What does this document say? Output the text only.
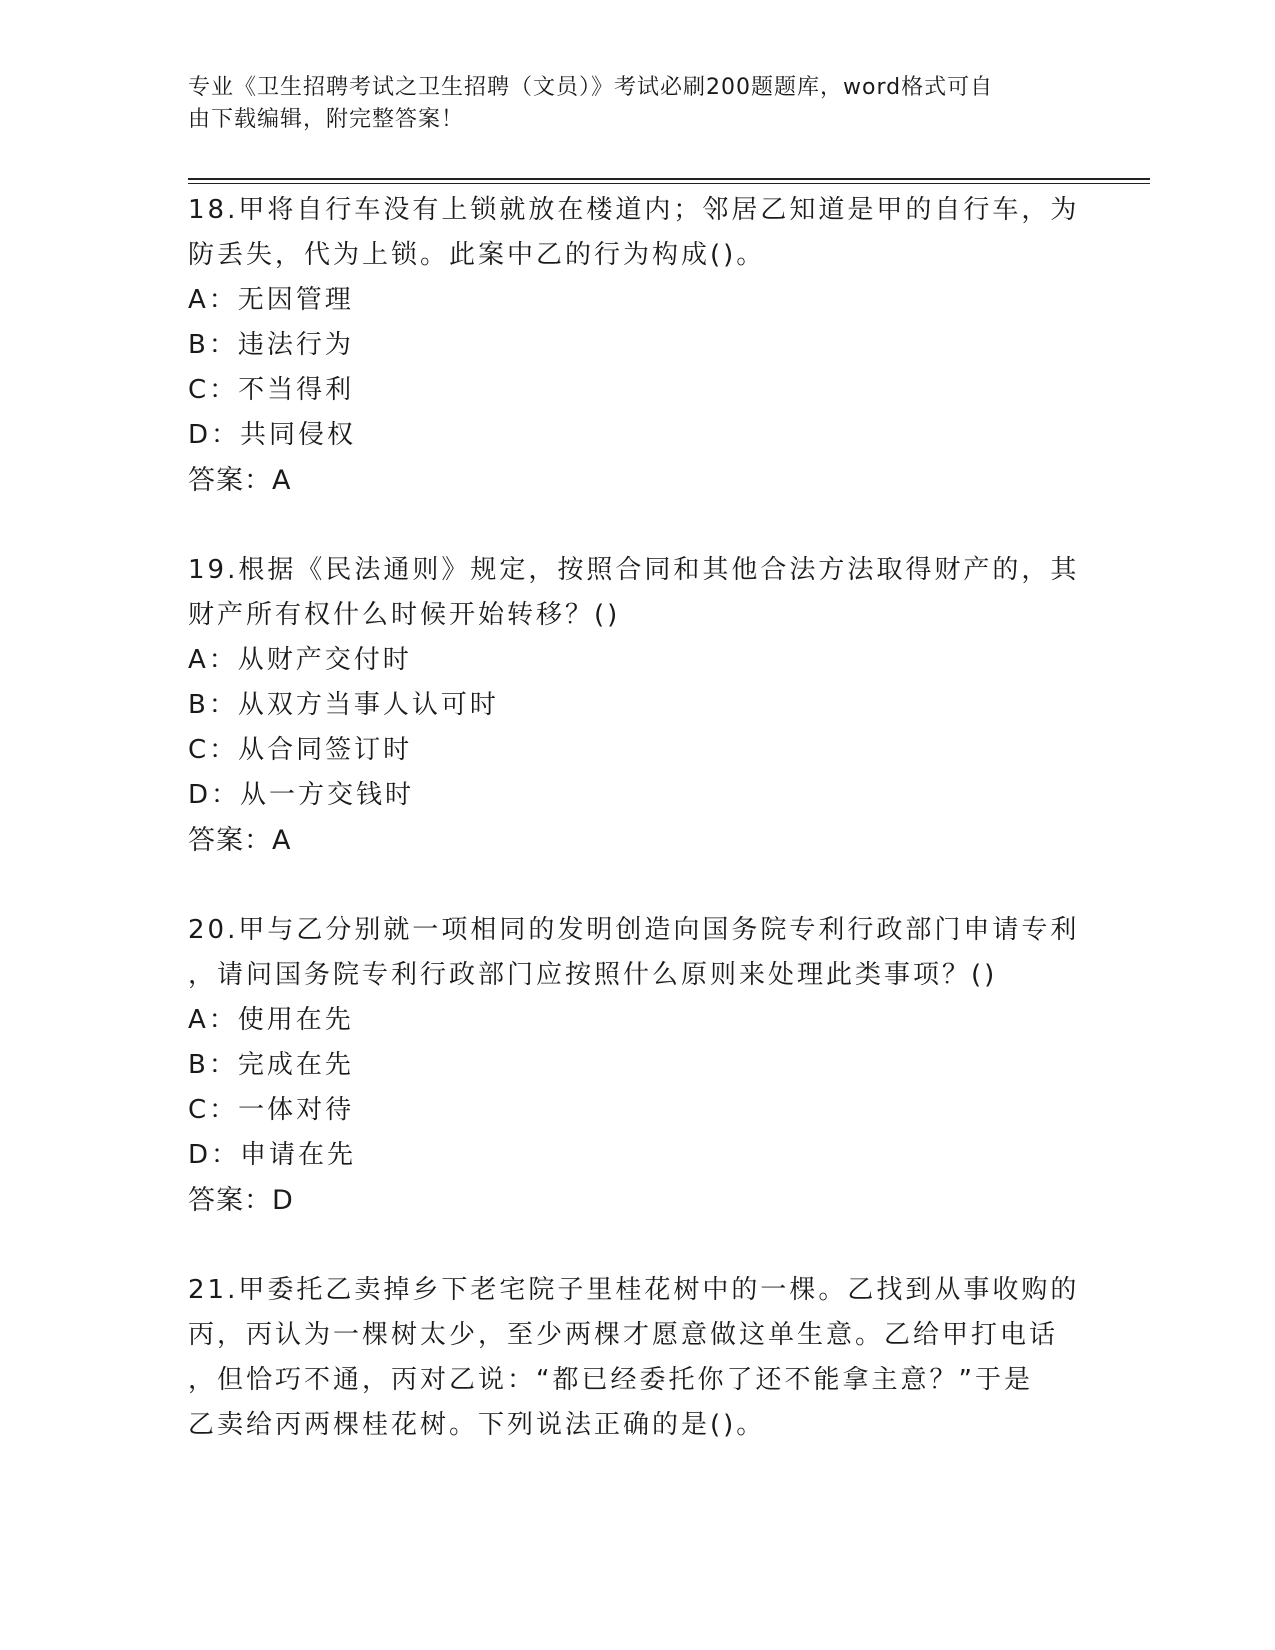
专业《卫生招聘考试之卫生招聘（文员）》考试必刷200题题库，word格式可自
由下载编辑，附完整答案！
18.甲将自行车没有上锁就放在楼道内；邻居乙知道是甲的自行车，为
防丢失，代为上锁。此案中乙的行为构成()。
A：无因管理
B：违法行为
C：不当得利
D：共同侵权
答案：A
19.根据《民法通则》规定，按照合同和其他合法方法取得财产的，其
财产所有权什么时候开始转移？()
A：从财产交付时
B：从双方当事人认可时
C：从合同签订时
D：从一方交钱时
答案：A
20.甲与乙分别就一项相同的发明创造向国务院专利行政部门申请专利
，请问国务院专利行政部门应按照什么原则来处理此类事项？()
A：使用在先
B：完成在先
C：一体对待
D：申请在先
答案：D
21.甲委托乙卖掉乡下老宅院子里桂花树中的一棵。乙找到从事收购的
丙，丙认为一棵树太少，至少两棵才愿意做这单生意。乙给甲打电话
，但恰巧不通，丙对乙说：“都已经委托你了还不能拿主意？”于是
乙卖给丙两棵桂花树。下列说法正确的是()。
